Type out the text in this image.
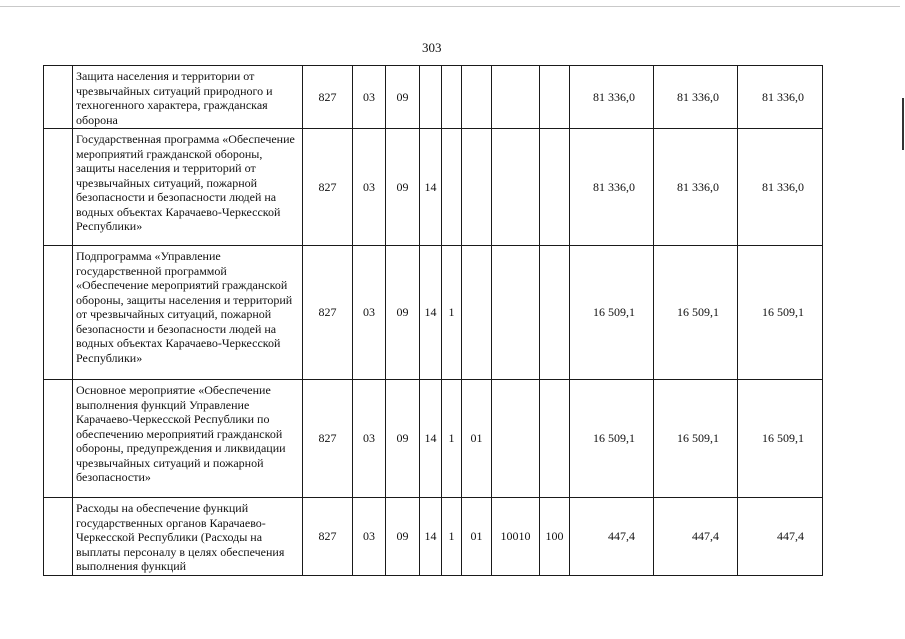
303
	Защита населения и территории от чрезвычайных ситуаций природного и техногенного характера, гражданская оборона	827	03	09						81 336,0	81 336,0	81 336,0
	Государственная программа «Обеспечение мероприятий гражданской обороны, защиты населения и территорий от чрезвычайных ситуаций, пожарной безопасности и безопасности людей на водных объектах Карачаево-Черкесской Республики»	827	03	09	14					81 336,0	81 336,0	81 336,0
	Подпрограмма «Управление государственной программой «Обеспечение мероприятий гражданской обороны, защиты населения и территорий от чрезвычайных ситуаций, пожарной безопасности и безопасности людей на водных объектах Карачаево-Черкесской Республики»	827	03	09	14	1				16 509,1	16 509,1	16 509,1
	Основное мероприятие «Обеспечение выполнения функций Управление Карачаево-Черкесской Республики по обеспечению мероприятий гражданской обороны, предупреждения и ликвидации чрезвычайных ситуаций и пожарной безопасности»	827	03	09	14	1	01			16 509,1	16 509,1	16 509,1
	Расходы на обеспечение функций государственных органов Карачаево-Черкесской Республики (Расходы на выплаты персоналу в целях обеспечения выполнения функций	827	03	09	14	1	01	10010	100	447,4	447,4	447,4
